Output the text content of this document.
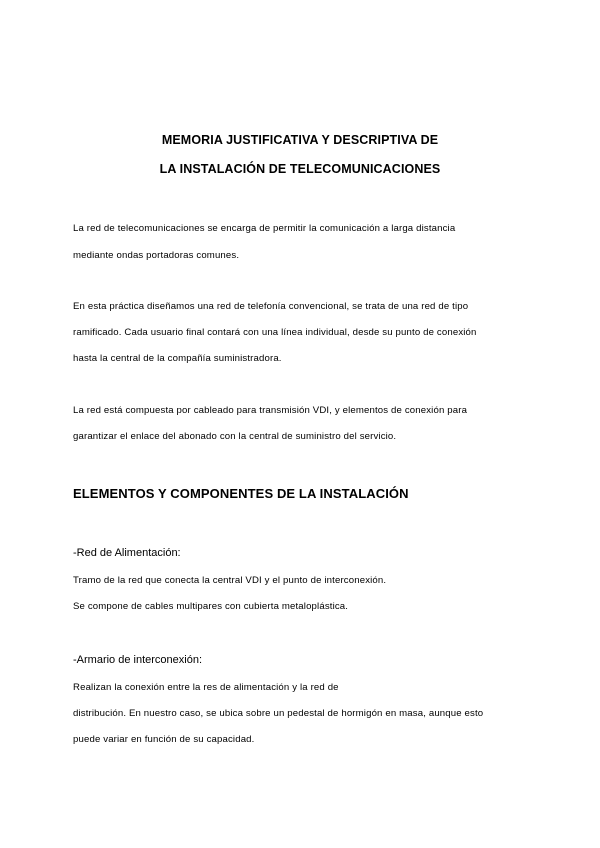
MEMORIA JUSTIFICATIVA Y DESCRIPTIVA DE
LA INSTALACIÓN DE TELECOMUNICACIONES
La red de telecomunicaciones se encarga de permitir la comunicación a larga distancia
mediante ondas portadoras comunes.
En esta práctica diseñamos una red de telefonía convencional, se trata de una red de tipo
ramificado. Cada usuario final contará con una línea individual, desde su punto de conexión
hasta la central de la compañía suministradora.
La red está compuesta por cableado para transmisión VDI, y elementos de conexión para
garantizar el enlace del abonado con la central de suministro del servicio.
ELEMENTOS Y COMPONENTES DE LA INSTALACIÓN
-Red de Alimentación:
Tramo de la red que conecta la central VDI y el punto de interconexión.
Se compone de cables multipares con cubierta metaloplástica.
-Armario de interconexión:
Realizan la conexión entre la res de alimentación y la red de
distribución. En nuestro caso, se ubica sobre un pedestal de hormigón en masa, aunque esto
puede variar en función de su capacidad.
